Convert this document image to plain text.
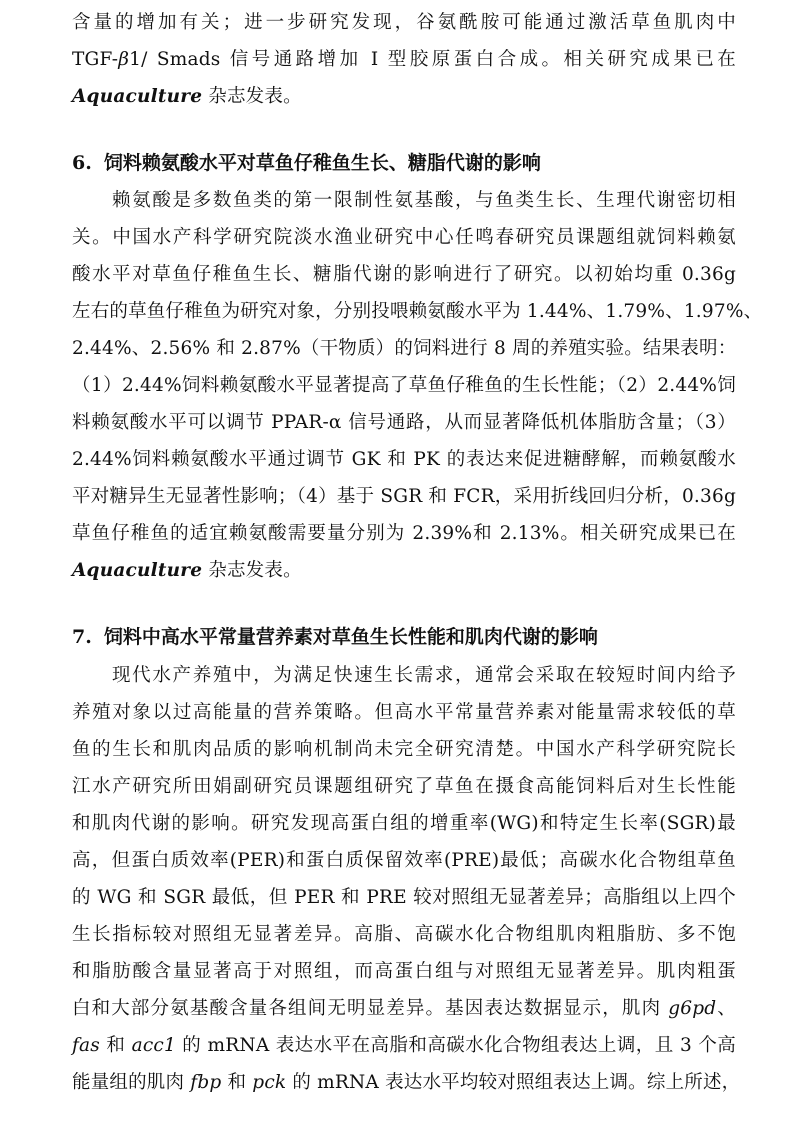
含量的增加有关；进一步研究发现，谷氨酰胺可能通过激活草鱼肌肉中
TGF-β1/ Smads 信号通路增加 I 型胶原蛋白合成。相关研究成果已在
Aquaculture 杂志发表。
6. 饲料赖氨酸水平对草鱼仔稚鱼生长、糖脂代谢的影响
赖氨酸是多数鱼类的第一限制性氨基酸，与鱼类生长、生理代谢密切相
关。中国水产科学研究院淡水渔业研究中心任鸣春研究员课题组就饲料赖氨
酸水平对草鱼仔稚鱼生长、糖脂代谢的影响进行了研究。以初始均重 0.36g
左右的草鱼仔稚鱼为研究对象，分别投喂赖氨酸水平为 1.44%、1.79%、1.97%、
2.44%、2.56% 和 2.87%（干物质）的饲料进行 8 周的养殖实验。结果表明：
（1）2.44%饲料赖氨酸水平显著提高了草鱼仔稚鱼的生长性能；（2）2.44%饲
料赖氨酸水平可以调节 PPAR-α 信号通路，从而显著降低机体脂肪含量；（3）
2.44%饲料赖氨酸水平通过调节 GK 和 PK 的表达来促进糖酵解，而赖氨酸水
平对糖异生无显著性影响；（4）基于 SGR 和 FCR，采用折线回归分析，0.36g
草鱼仔稚鱼的适宜赖氨酸需要量分别为 2.39%和 2.13%。相关研究成果已在
Aquaculture 杂志发表。
7. 饲料中高水平常量营养素对草鱼生长性能和肌肉代谢的影响
现代水产养殖中，为满足快速生长需求，通常会采取在较短时间内给予
养殖对象以过高能量的营养策略。但高水平常量营养素对能量需求较低的草
鱼的生长和肌肉品质的影响机制尚未完全研究清楚。中国水产科学研究院长
江水产研究所田娟副研究员课题组研究了草鱼在摄食高能饲料后对生长性能
和肌肉代谢的影响。研究发现高蛋白组的增重率(WG)和特定生长率(SGR)最
高，但蛋白质效率(PER)和蛋白质保留效率(PRE)最低；高碳水化合物组草鱼
的 WG 和 SGR 最低，但 PER 和 PRE 较对照组无显著差异；高脂组以上四个
生长指标较对照组无显著差异。高脂、高碳水化合物组肌肉粗脂肪、多不饱
和脂肪酸含量显著高于对照组，而高蛋白组与对照组无显著差异。肌肉粗蛋
白和大部分氨基酸含量各组间无明显差异。基因表达数据显示，肌肉 g6pd、
fas 和 acc1 的 mRNA 表达水平在高脂和高碳水化合物组表达上调，且 3 个高
能量组的肌肉 fbp 和 pck 的 mRNA 表达水平均较对照组表达上调。综上所述，
